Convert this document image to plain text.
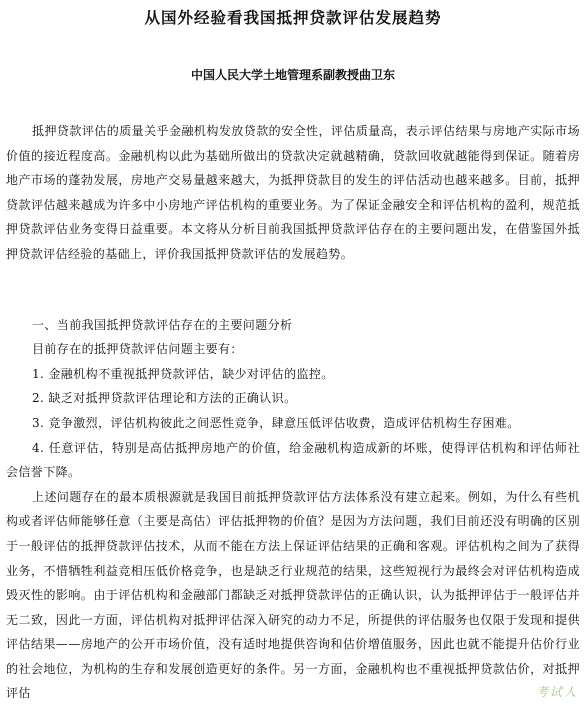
从国外经验看我国抵押贷款评估发展趋势

中国人民大学土地管理系副教授曲卫东

抵押贷款评估的质量关乎金融机构发放贷款的安全性，评估质量高，表示评估结果与房地产实际市场价值的接近程度高。金融机构以此为基础所做出的贷款决定就越精确，贷款回收就越能得到保证。随着房地产市场的蓬勃发展，房地产交易量越来越大，为抵押贷款目的发生的评估活动也越来越多。目前，抵押贷款评估越来越成为许多中小房地产评估机构的重要业务。为了保证金融安全和评估机构的盈利，规范抵押贷款评估业务变得日益重要。本文将从分析目前我国抵押贷款评估存在的主要问题出发，在借鉴国外抵押贷款评估经验的基础上，评价我国抵押贷款评估的发展趋势。

一、当前我国抵押贷款评估存在的主要问题分析

目前存在的抵押贷款评估问题主要有：

1. 金融机构不重视抵押贷款评估，缺少对评估的监控。

2. 缺乏对抵押贷款评估理论和方法的正确认识。

3. 竞争激烈，评估机构彼此之间恶性竞争，肆意压低评估收费，造成评估机构生存困难。

4. 任意评估，特别是高估抵押房地产的价值，给金融机构造成新的坏账，使得评估机构和评估师社会信誉下降。

上述问题存在的最本质根源就是我国目前抵押贷款评估方法体系没有建立起来。例如，为什么有些机构或者评估师能够任意（主要是高估）评估抵押物的价值？是因为方法问题，我们目前还没有明确的区别于一般评估的抵押贷款评估技术，从而不能在方法上保证评估结果的正确和客观。评估机构之间为了获得业务，不惜牺牲利益竞相压低价格竞争，也是缺乏行业规范的结果，这些短视行为最终会对评估机构造成毁灭性的影响。由于评估机构和金融部门都缺乏对抵押贷款评估的正确认识，认为抵押评估于一般评估并无二致，因此一方面，评估机构对抵押评估深入研究的动力不足，所提供的评估服务也仅限于发现和提供评估结果——房地产的公开市场价值，没有适时地提供咨询和估价增值服务，因此也就不能提升估价行业的社会地位，为机构的生存和发展创造更好的条件。另一方面，金融机构也不重视抵押贷款估价，对抵押评估	考试人
